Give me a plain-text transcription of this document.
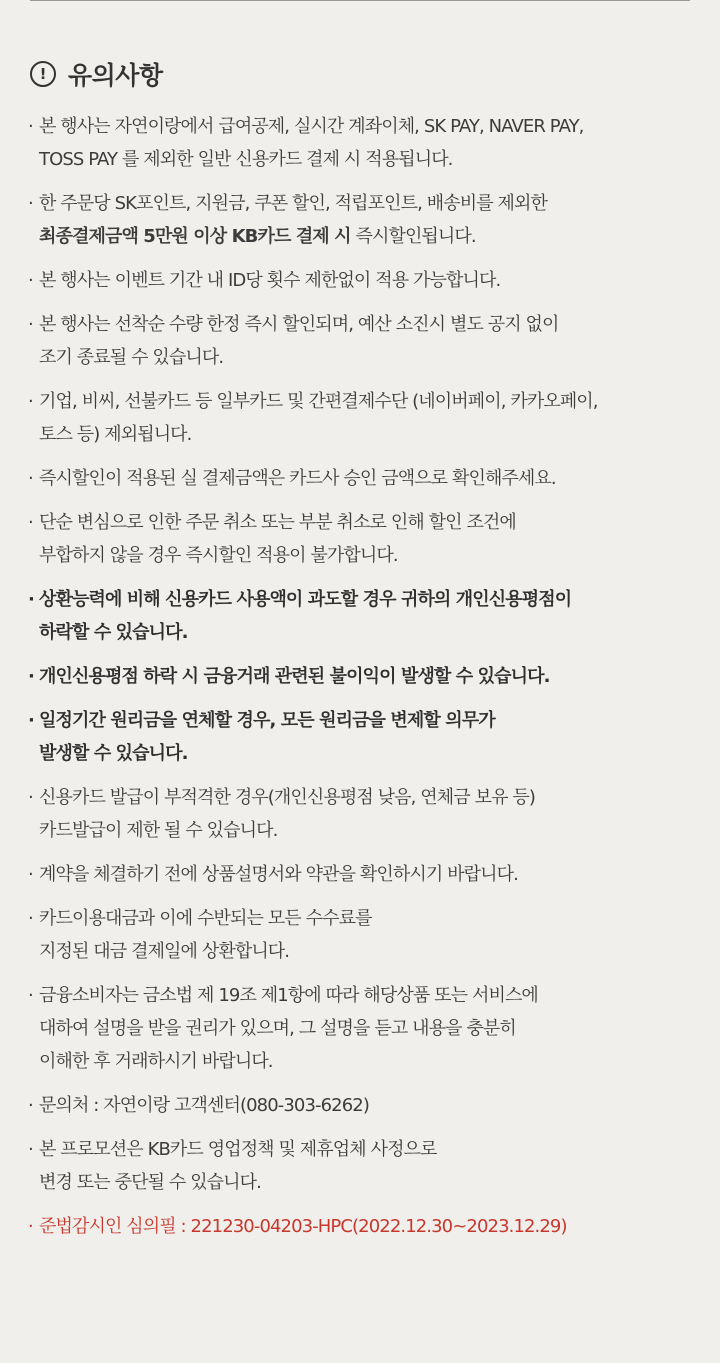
! 유의사항
· 본 행사는 자연이랑에서 급여공제, 실시간 계좌이체, SK PAY, NAVER PAY,
TOSS PAY 를 제외한 일반 신용카드 결제 시 적용됩니다.
· 한 주문당 SK포인트, 지원금, 쿠폰 할인, 적립포인트, 배송비를 제외한
최종결제금액 5만원 이상 KB카드 결제 시 즉시할인됩니다.
· 본 행사는 이벤트 기간 내 ID당 횟수 제한없이 적용 가능합니다.
· 본 행사는 선착순 수량 한정 즉시 할인되며, 예산 소진시 별도 공지 없이
조기 종료될 수 있습니다.
· 기업, 비씨, 선불카드 등 일부카드 및 간편결제수단 (네이버페이, 카카오페이,
토스 등) 제외됩니다.
· 즉시할인이 적용된 실 결제금액은 카드사 승인 금액으로 확인해주세요.
· 단순 변심으로 인한 주문 취소 또는 부분 취소로 인해 할인 조건에
부합하지 않을 경우 즉시할인 적용이 불가합니다.
· 상환능력에 비해 신용카드 사용액이 과도할 경우 귀하의 개인신용평점이
하락할 수 있습니다.
· 개인신용평점 하락 시 금융거래 관련된 불이익이 발생할 수 있습니다.
· 일정기간 원리금을 연체할 경우, 모든 원리금을 변제할 의무가
발생할 수 있습니다.
· 신용카드 발급이 부적격한 경우(개인신용평점 낮음, 연체금 보유 등)
카드발급이 제한 될 수 있습니다.
· 계약을 체결하기 전에 상품설명서와 약관을 확인하시기 바랍니다.
· 카드이용대금과 이에 수반되는 모든 수수료를
지정된 대금 결제일에 상환합니다.
· 금융소비자는 금소법 제 19조 제1항에 따라 해당상품 또는 서비스에
대하여 설명을 받을 권리가 있으며, 그 설명을 듣고 내용을 충분히
이해한 후 거래하시기 바랍니다.
· 문의처 : 자연이랑 고객센터(080-303-6262)
· 본 프로모션은 KB카드 영업정책 및 제휴업체 사정으로
변경 또는 중단될 수 있습니다.
· 준법감시인 심의필 : 221230-04203-HPC(2022.12.30~2023.12.29)
